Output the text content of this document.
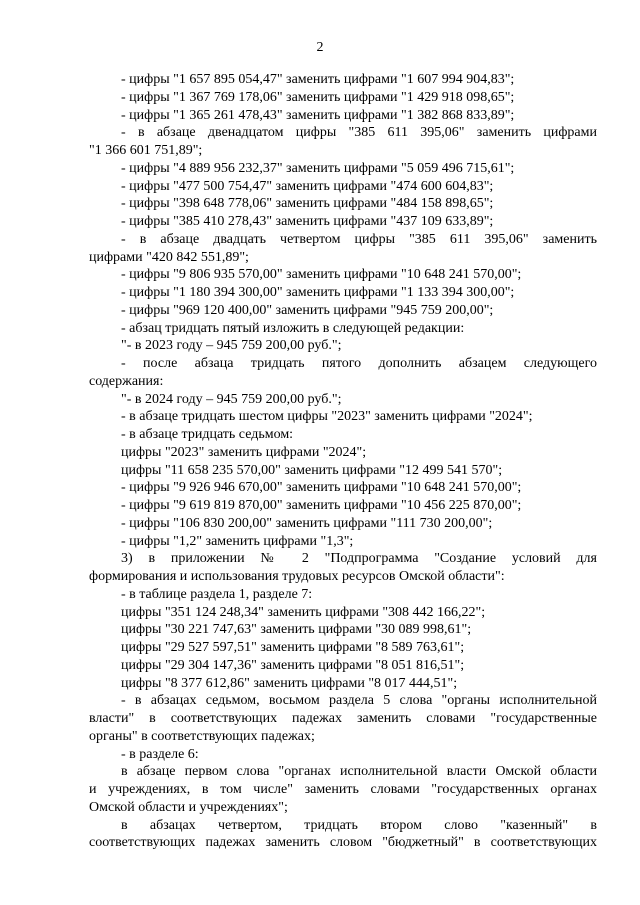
2
- цифры "1 657 895 054,47" заменить цифрами "1 607 994 904,83";
- цифры "1 367 769 178,06" заменить цифрами "1 429 918 098,65";
- цифры "1 365 261 478,43" заменить цифрами "1 382 868 833,89";
- в абзаце двенадцатом цифры "385 611 395,06" заменить цифрами
"1 366 601 751,89";
- цифры "4 889 956 232,37" заменить цифрами "5 059 496 715,61";
- цифры "477 500 754,47" заменить цифрами "474 600 604,83";
- цифры "398 648 778,06" заменить цифрами "484 158 898,65";
- цифры "385 410 278,43" заменить цифрами "437 109 633,89";
- в абзаце двадцать четвертом цифры "385 611 395,06" заменить
цифрами "420 842 551,89";
- цифры "9 806 935 570,00" заменить цифрами "10 648 241 570,00";
- цифры "1 180 394 300,00" заменить цифрами "1 133 394 300,00";
- цифры "969 120 400,00" заменить цифрами "945 759 200,00";
- абзац тридцать пятый изложить в следующей редакции:
"- в 2023 году – 945 759 200,00 руб.";
- после абзаца тридцать пятого дополнить абзацем следующего
содержания:
"- в 2024 году – 945 759 200,00 руб.";
- в абзаце тридцать шестом цифры "2023" заменить цифрами "2024";
- в абзаце тридцать седьмом:
цифры "2023" заменить цифрами "2024";
цифры "11 658 235 570,00" заменить цифрами "12 499 541 570";
- цифры "9 926 946 670,00" заменить цифрами "10 648 241 570,00";
- цифры "9 619 819 870,00" заменить цифрами "10 456 225 870,00";
- цифры "106 830 200,00" заменить цифрами "111 730 200,00";
- цифры "1,2" заменить цифрами "1,3";
3) в приложении № 2 "Подпрограмма "Создание условий для
формирования и использования трудовых ресурсов Омской области":
- в таблице раздела 1, разделе 7:
цифры "351 124 248,34" заменить цифрами "308 442 166,22";
цифры "30 221 747,63" заменить цифрами "30 089 998,61";
цифры "29 527 597,51" заменить цифрами "8 589 763,61";
цифры "29 304 147,36" заменить цифрами "8 051 816,51";
цифры "8 377 612,86" заменить цифрами "8 017 444,51";
- в абзацах седьмом, восьмом раздела 5 слова "органы исполнительной
власти" в соответствующих падежах заменить словами "государственные
органы" в соответствующих падежах;
- в разделе 6:
в абзаце первом слова "органах исполнительной власти Омской области
и учреждениях, в том числе" заменить словами "государственных органах
Омской области и учреждениях";
в абзацах четвертом, тридцать втором слово "казенный" в
соответствующих падежах заменить словом "бюджетный" в соответствующих
